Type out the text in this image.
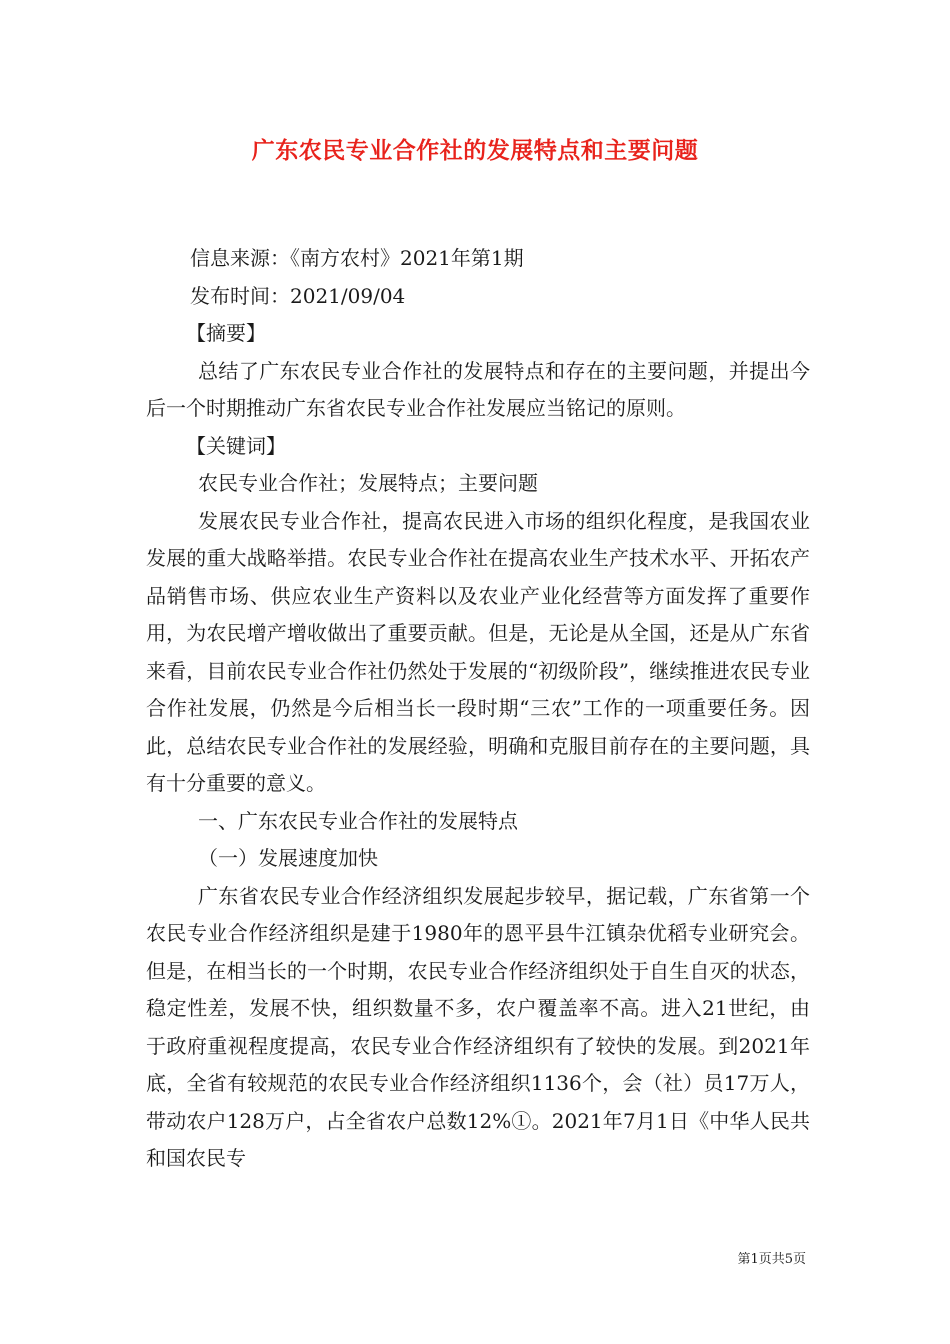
广东农民专业合作社的发展特点和主要问题

信息来源：《南方农村》2021年第1期

发布时间：2021/09/04

【摘要】

总结了广东农民专业合作社的发展特点和存在的主要问题，并提出今后一个时期推动广东省农民专业合作社发展应当铭记的原则。

【关键词】

农民专业合作社；发展特点；主要问题

发展农民专业合作社，提高农民进入市场的组织化程度，是我国农业发展的重大战略举措。农民专业合作社在提高农业生产技术水平、开拓农产品销售市场、供应农业生产资料以及农业产业化经营等方面发挥了重要作用，为农民增产增收做出了重要贡献。但是，无论是从全国，还是从广东省来看，目前农民专业合作社仍然处于发展的“初级阶段”，继续推进农民专业合作社发展，仍然是今后相当长一段时期“三农”工作的一项重要任务。因此，总结农民专业合作社的发展经验，明确和克服目前存在的主要问题，具有十分重要的意义。

一、广东农民专业合作社的发展特点

（一）发展速度加快

广东省农民专业合作经济组织发展起步较早，据记载，广东省第一个农民专业合作经济组织是建于1980年的恩平县牛江镇杂优稻专业研究会。但是，在相当长的一个时期，农民专业合作经济组织处于自生自灭的状态，稳定性差，发展不快，组织数量不多，农户覆盖率不高。进入21世纪，由于政府重视程度提高，农民专业合作经济组织有了较快的发展。到2021年底，全省有较规范的农民专业合作经济组织1136个，会（社）员17万人，带动农户128万户，占全省农户总数12%①。2021年7月1日《中华人民共和国农民专

第1页共5页
